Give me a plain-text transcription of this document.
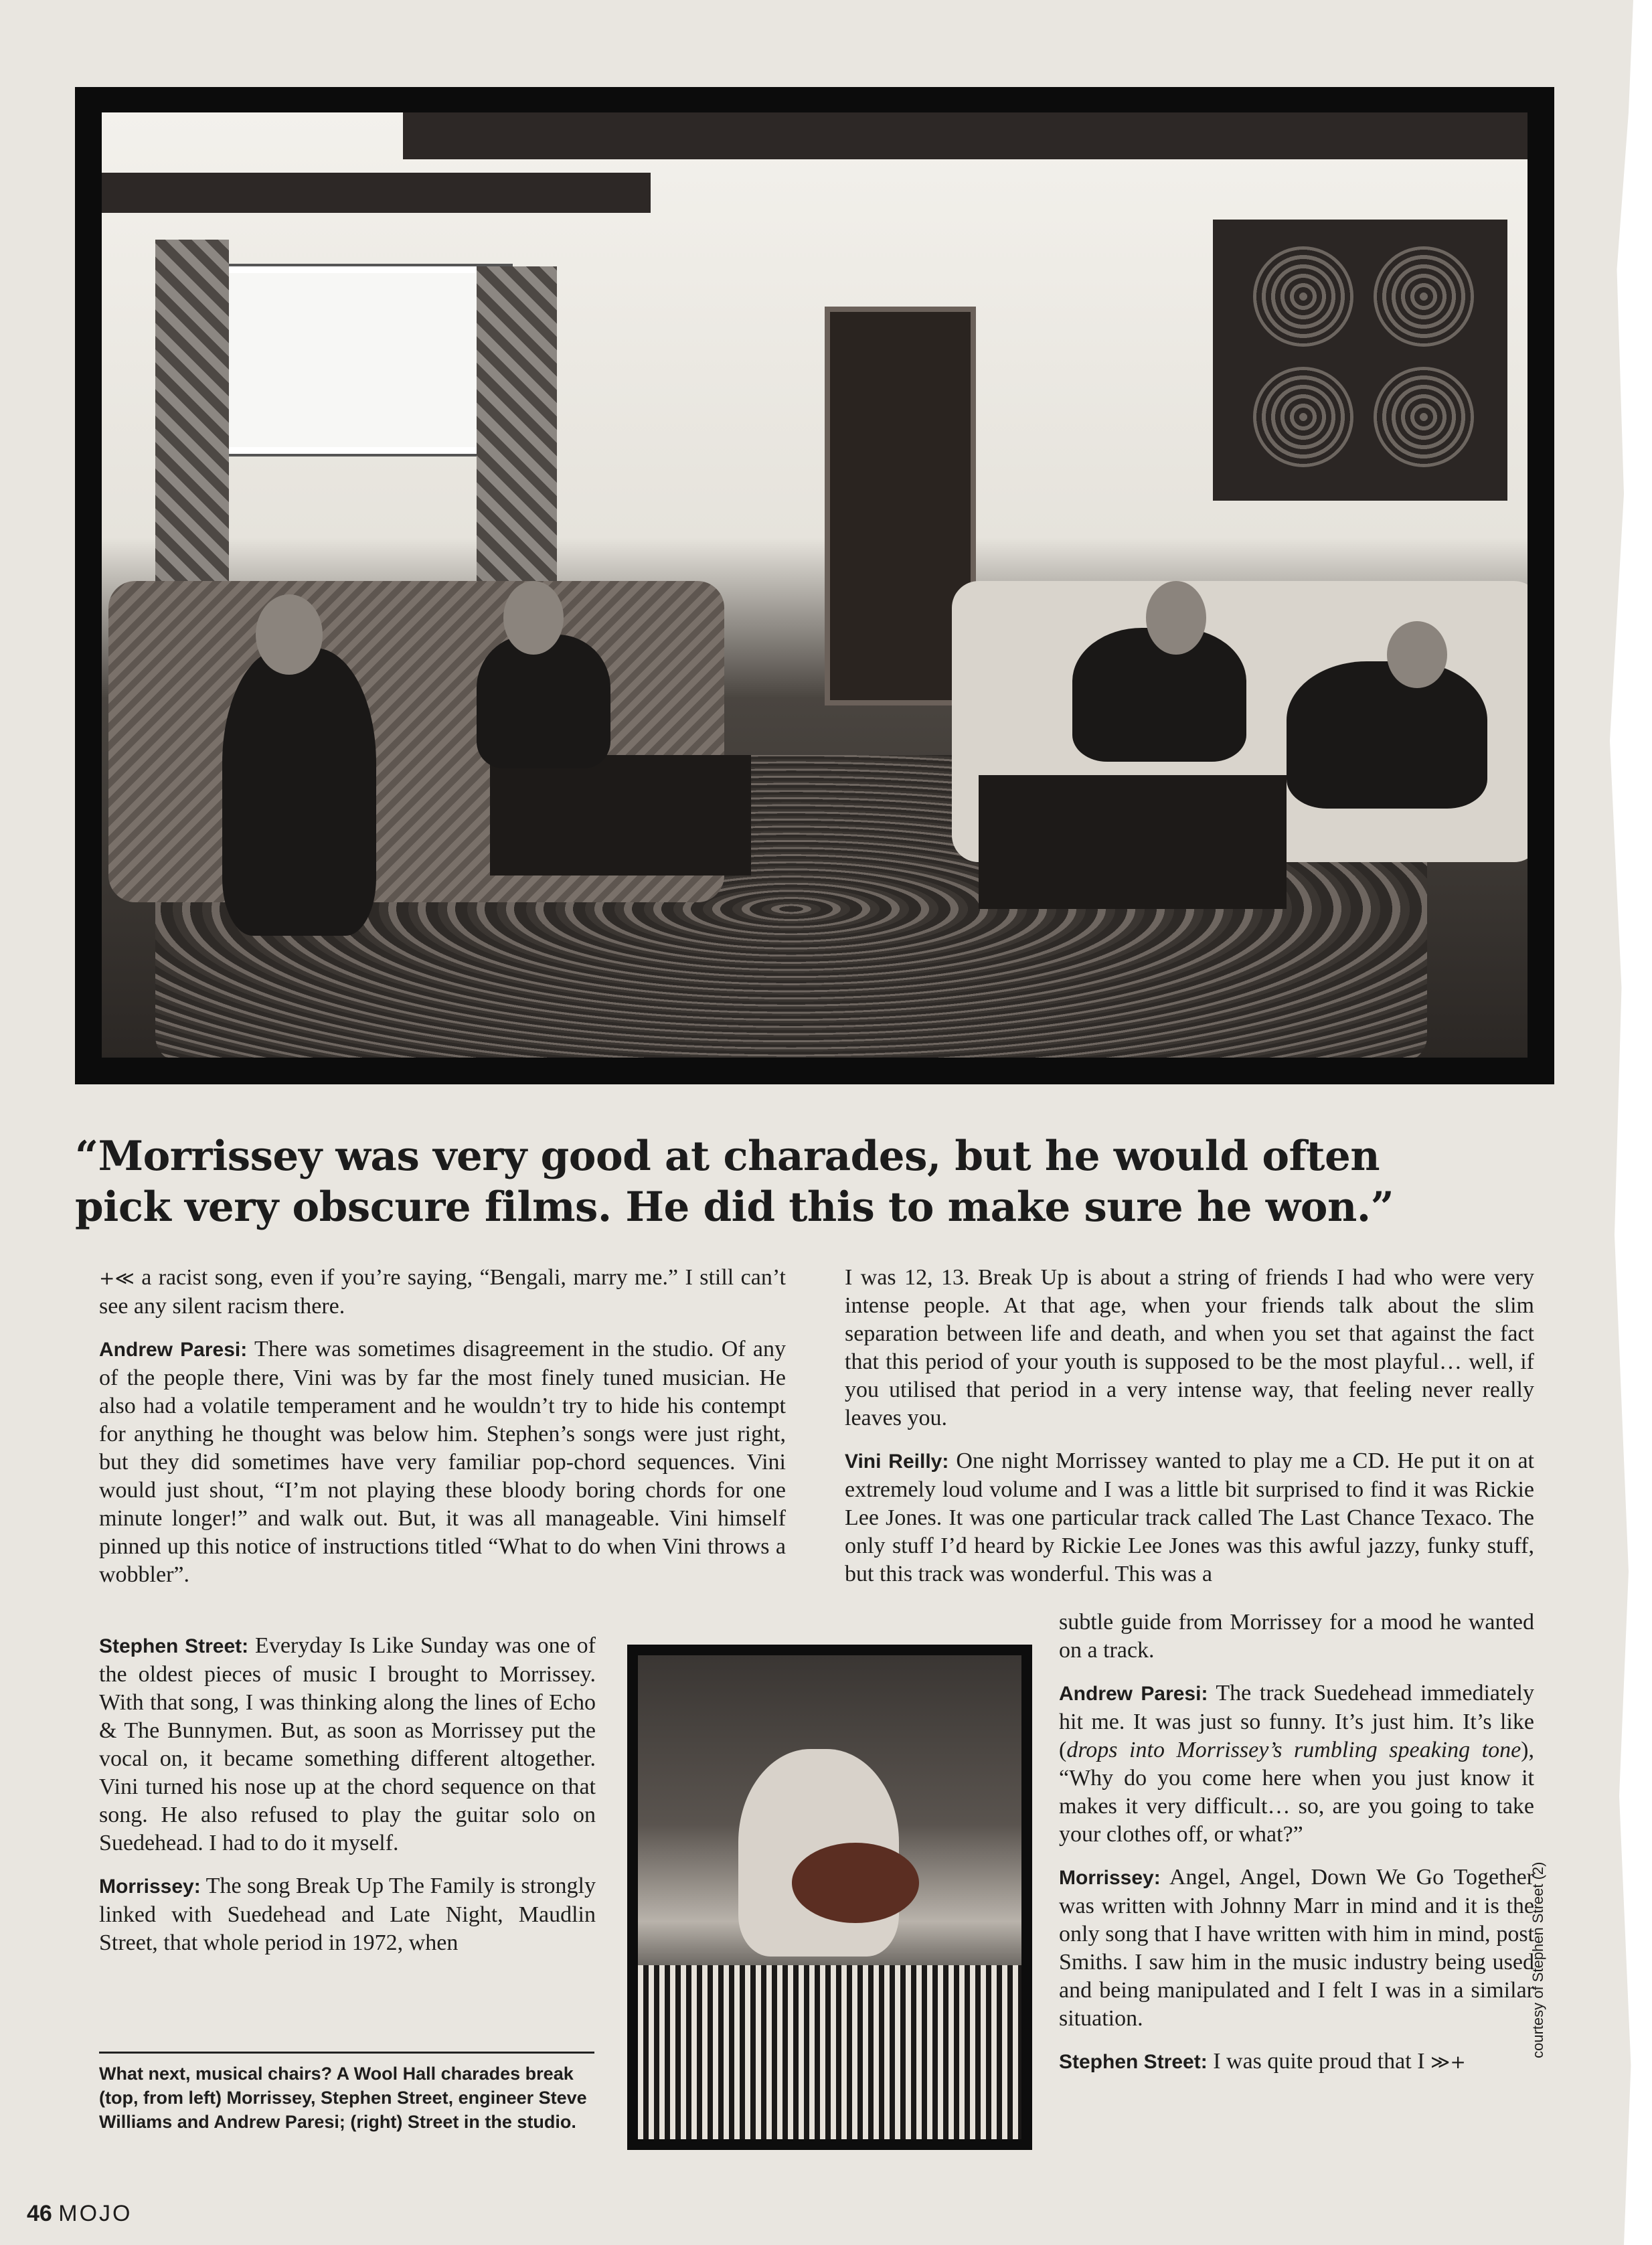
“Morrissey was very good at charades, but he would often
pick very obscure films. He did this to make sure he won.”

+≪ a racist song, even if you’re saying, “Bengali, marry me.” I still can’t see any silent racism there.

Andrew Paresi: There was sometimes disagreement in the studio. Of any of the people there, Vini was by far the most finely tuned musician. He also had a volatile temperament and he wouldn’t try to hide his contempt for anything he thought was below him. Stephen’s songs were just right, but they did sometimes have very familiar pop-chord sequences. Vini would just shout, “I’m not playing these bloody boring chords for one minute longer!” and walk out. But, it was all manageable. Vini himself pinned up this notice of instructions titled “What to do when Vini throws a wobbler”.

Stephen Street: Everyday Is Like Sunday was one of the oldest pieces of music I brought to Morrissey. With that song, I was thinking along the lines of Echo & The Bunnymen. But, as soon as Morrissey put the vocal on, it became something different altogether. Vini turned his nose up at the chord sequence on that song. He also refused to play the guitar solo on Suedehead. I had to do it myself.

Morrissey: The song Break Up The Family is strongly linked with Suedehead and Late Night, Maudlin Street, that whole period in 1972, when

I was 12, 13. Break Up is about a string of friends I had who were very intense people. At that age, when your friends talk about the slim separation between life and death, and when you set that against the fact that this period of your youth is supposed to be the most playful… well, if you utilised that period in a very intense way, that feeling never really leaves you.

Vini Reilly: One night Morrissey wanted to play me a CD. He put it on at extremely loud volume and I was a little bit surprised to find it was Rickie Lee Jones. It was one particular track called The Last Chance Texaco. The only stuff I’d heard by Rickie Lee Jones was this awful jazzy, funky stuff, but this track was wonderful. This was a

subtle guide from Morrissey for a mood he wanted on a track.

Andrew Paresi: The track Suedehead immediately hit me. It was just so funny. It’s just him. It’s like (drops into Morrissey’s rumbling speaking tone), “Why do you come here when you just know it makes it very difficult… so, are you going to take your clothes off, or what?”

Morrissey: Angel, Angel, Down We Go Together was written with Johnny Marr in mind and it is the only song that I have written with him in mind, post Smiths. I saw him in the music industry being used and being manipulated and I felt I was in a similar situation.

Stephen Street: I was quite proud that I ≫+

What next, musical chairs? A Wool Hall charades break (top, from left) Morrissey, Stephen Street, engineer Steve Williams and Andrew Paresi; (right) Street in the studio.
courtesy of Stephen Street (2)
46 MOJO
